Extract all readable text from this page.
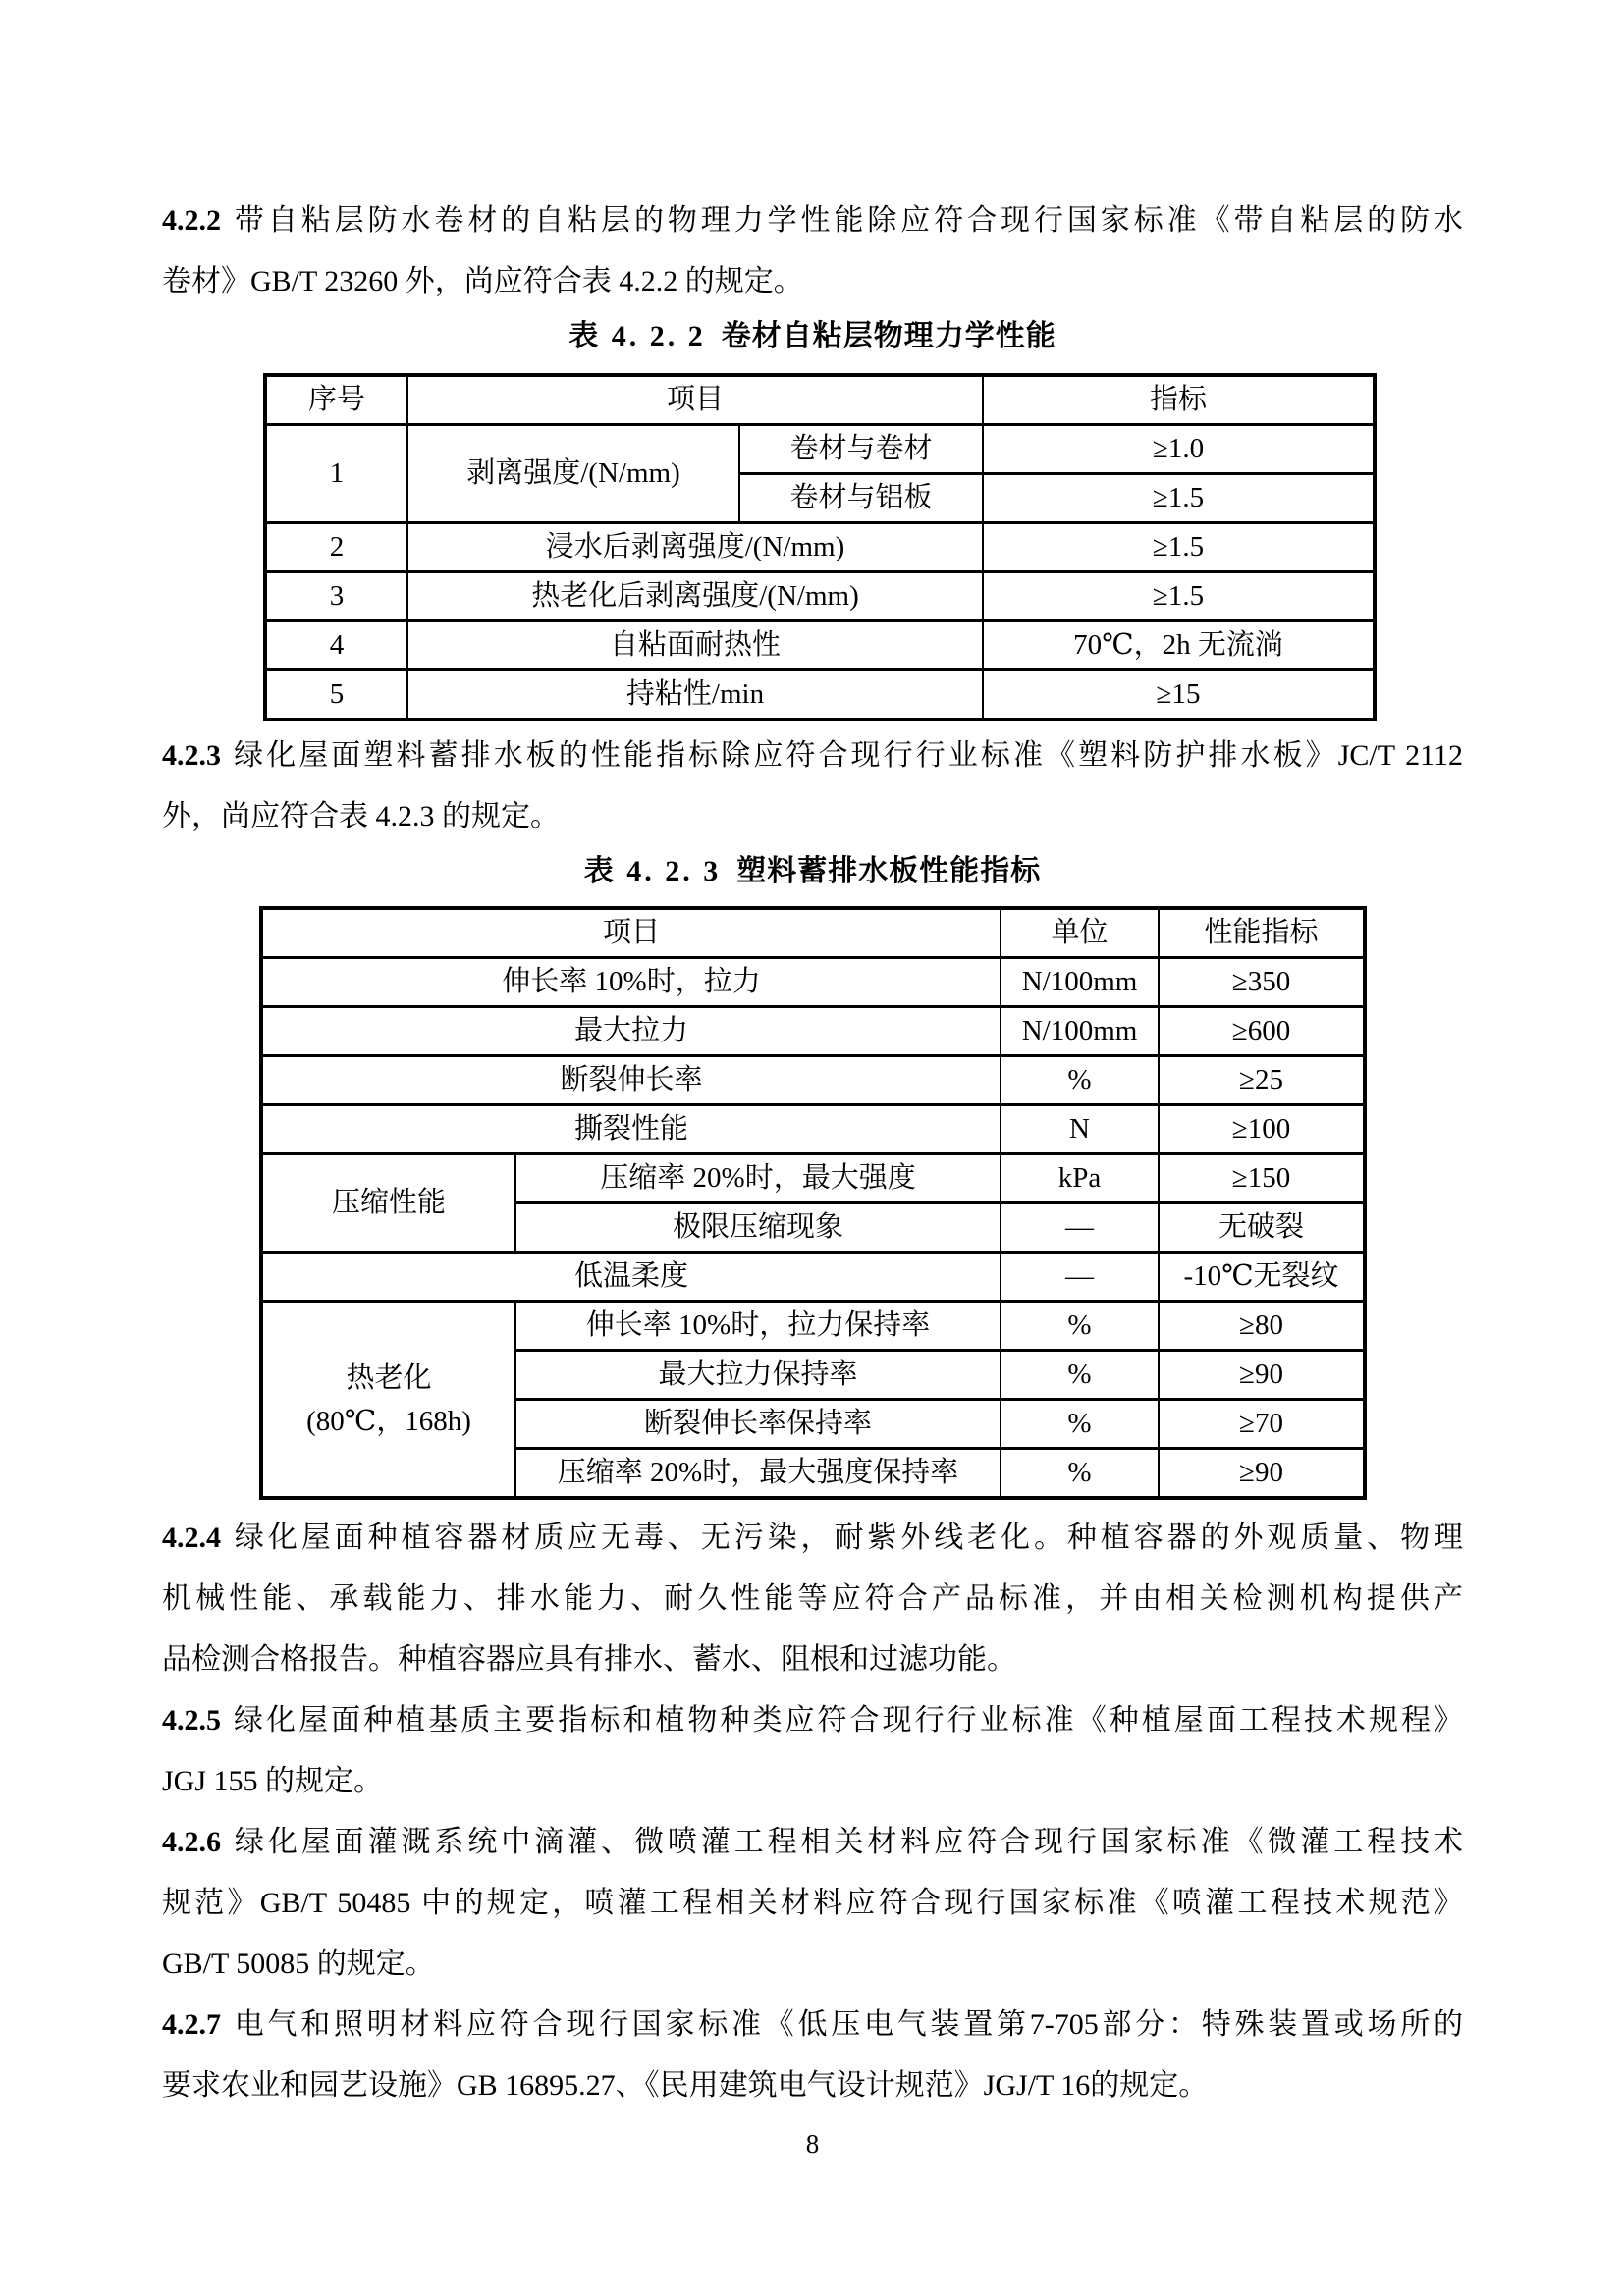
4.2.2 带自粘层防水卷材的自粘层的物理力学性能除应符合现行国家标准《带自粘层的防水
卷材》GB/T 23260 外，尚应符合表 4.2.2 的规定。
表 4. 2. 2 卷材自粘层物理力学性能
序号	项目		指标
1	剥离强度/(N/mm)	卷材与卷材	≥1.0
		卷材与铝板	≥1.5
2	浸水后剥离强度/(N/mm)		≥1.5
3	热老化后剥离强度/(N/mm)		≥1.5
4	自粘面耐热性		70℃，2h 无流淌
5	持粘性/min		≥15
4.2.3 绿化屋面塑料蓄排水板的性能指标除应符合现行行业标准《塑料防护排水板》JC/T 2112
外，尚应符合表 4.2.3 的规定。
表 4. 2. 3 塑料蓄排水板性能指标
项目		单位	性能指标
伸长率 10%时，拉力		N/100mm	≥350
最大拉力		N/100mm	≥600
断裂伸长率		%	≥25
撕裂性能		N	≥100
压缩性能	压缩率 20%时，最大强度	kPa	≥150
	极限压缩现象	—	无破裂
低温柔度		—	-10℃无裂纹

热老化
(80℃，168h)	伸长率 10%时，拉力保持率	%	≥80
	最大拉力保持率	%	≥90
	断裂伸长率保持率	%	≥70
	压缩率 20%时，最大强度保持率	%	≥90
4.2.4 绿化屋面种植容器材质应无毒、无污染，耐紫外线老化。种植容器的外观质量、物理
机械性能、承载能力、排水能力、耐久性能等应符合产品标准，并由相关检测机构提供产
品检测合格报告。种植容器应具有排水、蓄水、阻根和过滤功能。
4.2.5 绿化屋面种植基质主要指标和植物种类应符合现行行业标准《种植屋面工程技术规程》
JGJ 155 的规定。
4.2.6 绿化屋面灌溉系统中滴灌、微喷灌工程相关材料应符合现行国家标准《微灌工程技术
规范》GB/T 50485 中的规定，喷灌工程相关材料应符合现行国家标准《喷灌工程技术规范》
GB/T 50085 的规定。
4.2.7 电气和照明材料应符合现行国家标准《低压电气装置第7-705部分：特殊装置或场所的
要求农业和园艺设施》GB 16895.27、《民用建筑电气设计规范》JGJ/T 16的规定。
8
